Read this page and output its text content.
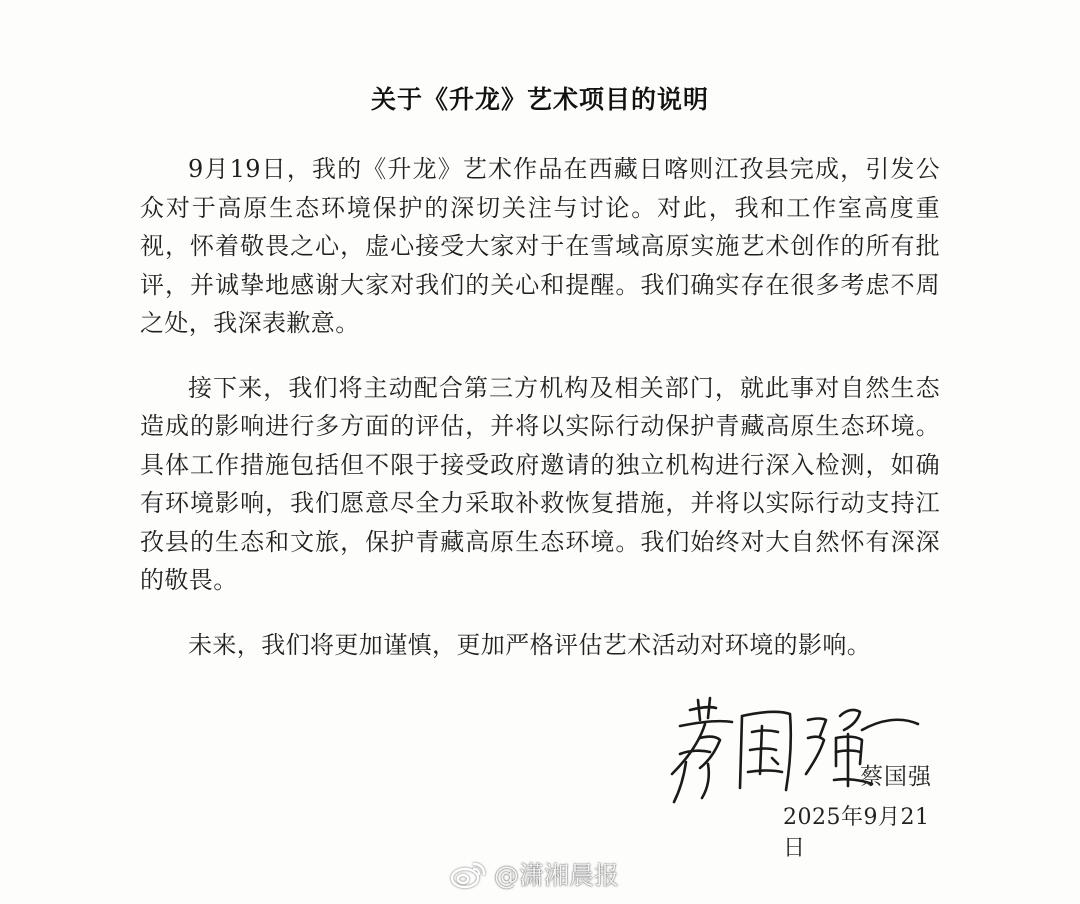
关于《升龙》艺术项目的说明

9月19日，我的《升龙》艺术作品在西藏日喀则江孜县完成，引发公众对于高原生态环境保护的深切关注与讨论。对此，我和工作室高度重视，怀着敬畏之心，虚心接受大家对于在雪域高原实施艺术创作的所有批评，并诚挚地感谢大家对我们的关心和提醒。我们确实存在很多考虑不周之处，我深表歉意。

接下来，我们将主动配合第三方机构及相关部门，就此事对自然生态造成的影响进行多方面的评估，并将以实际行动保护青藏高原生态环境。具体工作措施包括但不限于接受政府邀请的独立机构进行深入检测，如确有环境影响，我们愿意尽全力采取补救恢复措施，并将以实际行动支持江孜县的生态和文旅，保护青藏高原生态环境。我们始终对大自然怀有深深的敬畏。

未来，我们将更加谨慎，更加严格评估艺术活动对环境的影响。

蔡国强
2025年9月21日
@潇湘晨报
